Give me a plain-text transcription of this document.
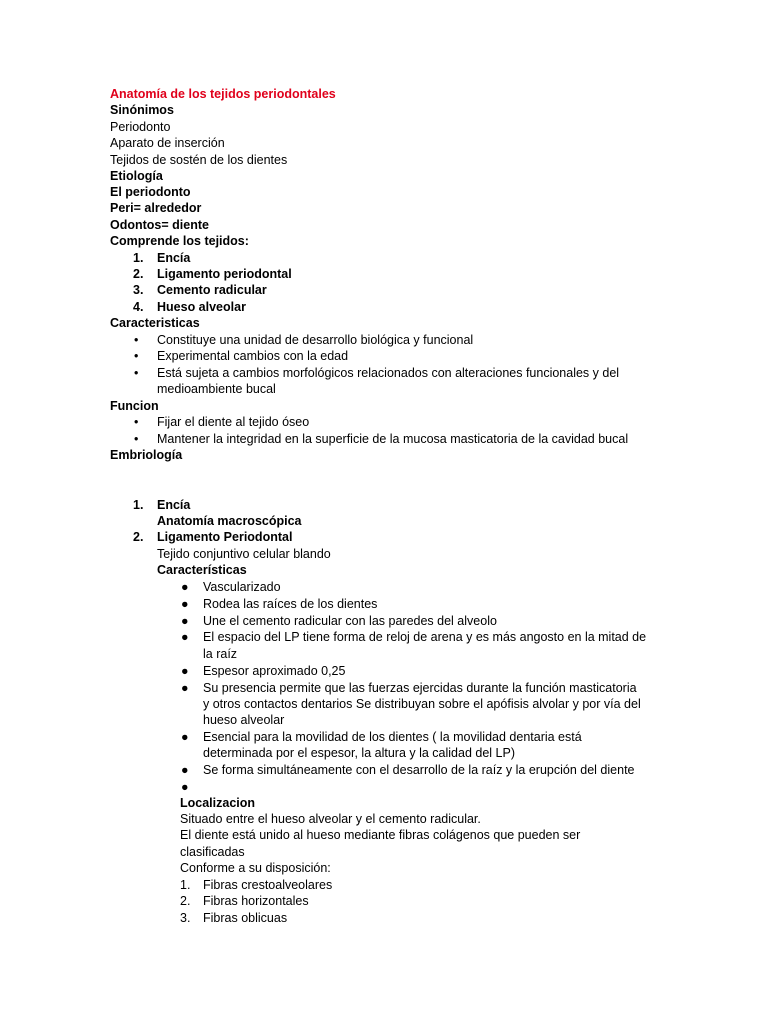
Anatomía de los tejidos periodontales
Sinónimos
Periodonto
Aparato de inserción
Tejidos de sostén de los dientes
Etiología
El periodonto
Peri= alrededor
Odontos= diente
Comprende los tejidos:
1. Encía
2. Ligamento periodontal
3. Cemento radicular
4. Hueso alveolar
Caracteristicas
• Constituye una unidad de desarrollo biológica y funcional
• Experimental cambios con la edad
• Está sujeta a cambios morfológicos relacionados con alteraciones funcionales y del
medioambiente bucal
Funcion
• Fijar el diente al tejido óseo
• Mantener la integridad en la superficie de la mucosa masticatoria de la cavidad bucal
Embriología
1. Encía
Anatomía macroscópica
2. Ligamento Periodontal
Tejido conjuntivo celular blando
Características
● Vascularizado
● Rodea las raíces de los dientes
● Une el cemento radicular con las paredes del alveolo
● El espacio del LP tiene forma de reloj de arena y es más angosto en la mitad de
la raíz
● Espesor aproximado 0,25
● Su presencia permite que las fuerzas ejercidas durante la función masticatoria
y otros contactos dentarios Se distribuyan sobre el apófisis alvolar y por vía del
hueso alveolar
● Esencial para la movilidad de los dientes ( la movilidad dentaria está
determinada por el espesor, la altura y la calidad del LP)
● Se forma simultáneamente con el desarrollo de la raíz y la erupción del diente
●
Localizacion
Situado entre el hueso alveolar y el cemento radicular.
El diente está unido al hueso mediante fibras colágenos que pueden ser
clasificadas
Conforme a su disposición:
1. Fibras crestoalveolares
2. Fibras horizontales
3. Fibras oblicuas
